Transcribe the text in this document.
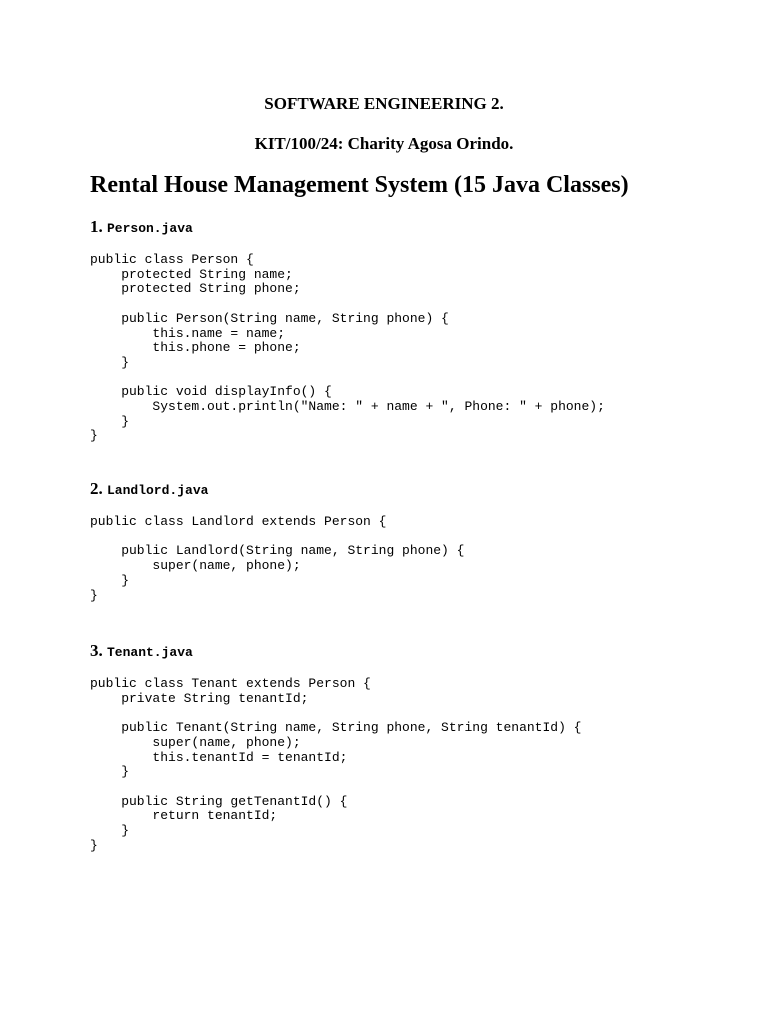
SOFTWARE ENGINEERING 2.

KIT/100/24: Charity Agosa Orindo.

Rental House Management System (15 Java Classes)
1. Person.java
public class Person {
protected String name;
protected String phone;

public Person(String name, String phone) {
this.name = name;
this.phone = phone;
}

public void displayInfo() {
System.out.println("Name: " + name + ", Phone: " + phone);
}
}
2. Landlord.java
public class Landlord extends Person {

public Landlord(String name, String phone) {
super(name, phone);
}
}
3. Tenant.java
public class Tenant extends Person {
private String tenantId;

public Tenant(String name, String phone, String tenantId) {
super(name, phone);
this.tenantId = tenantId;
}

public String getTenantId() {
return tenantId;
}
}
